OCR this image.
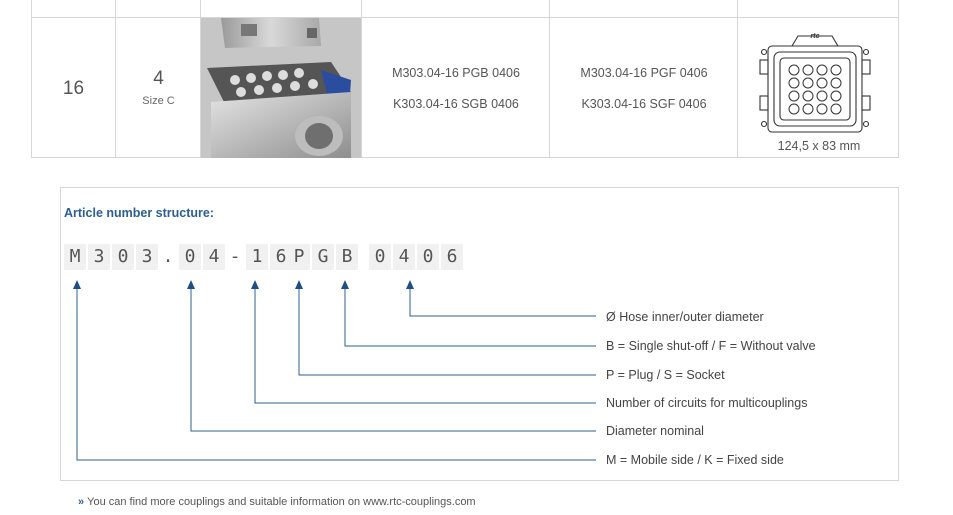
16	4
Size C
M303.04-16 PGB 0406
K303.04-16 SGB 0406
M303.04-16 PGF 0406
K303.04-16 SGF 0406
rtc
124,5 x 83 mm
Article number structure:
M 3 0 3 . 0 4 - 1 6 P G B	0 4 0 6
Ø Hose inner/outer diameter
B = Single shut-off / F = Without valve
P = Plug / S = Socket
Number of circuits for multicouplings
Diameter nominal
M = Mobile side / K = Fixed side
» You can find more couplings and suitable information on www.rtc-couplings.com
